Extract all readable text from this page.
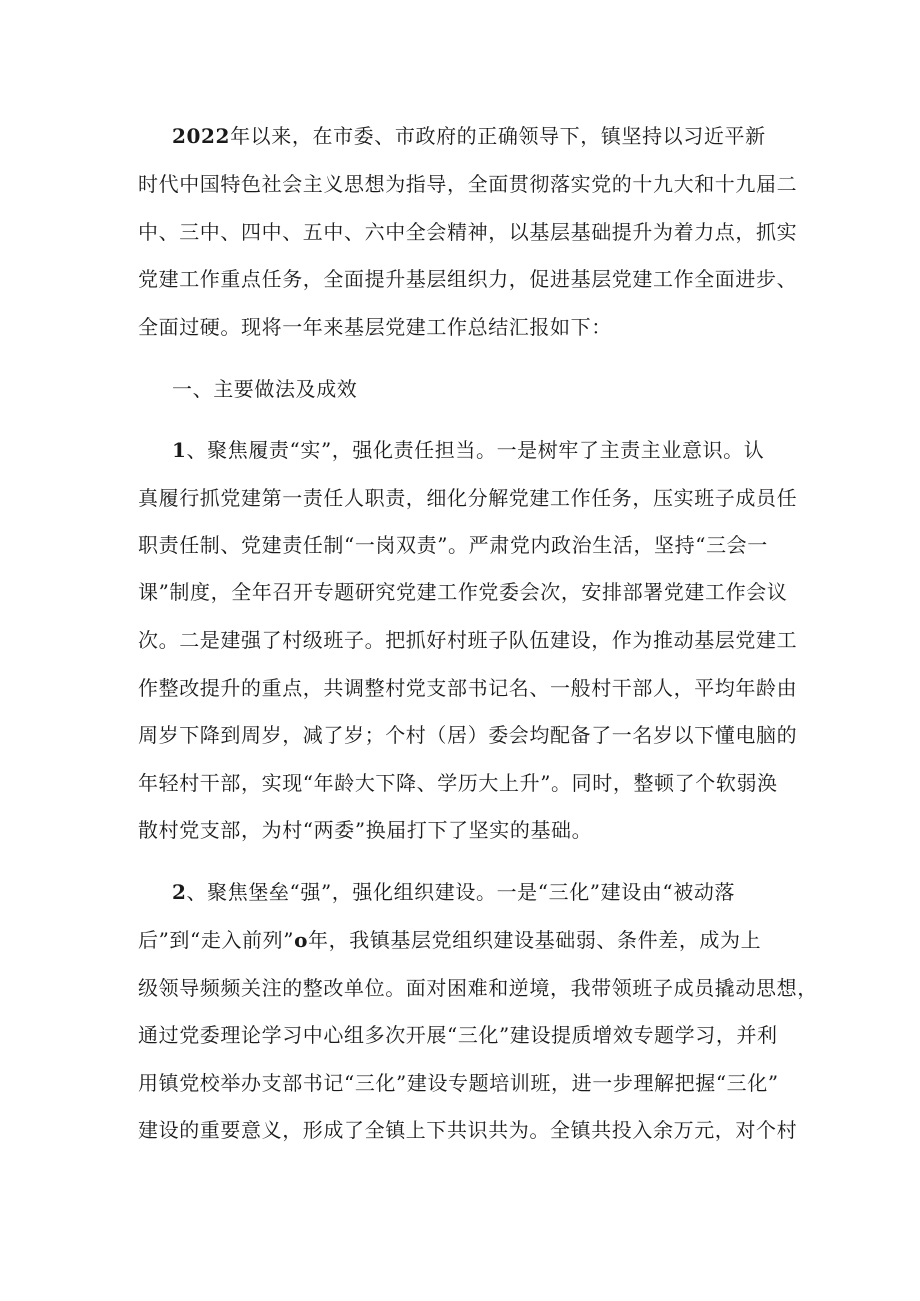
2022年以来，在市委、市政府的正确领导下，镇坚持以习近平新
时代中国特色社会主义思想为指导，全面贯彻落实党的十九大和十九届二
中、三中、四中、五中、六中全会精神，以基层基础提升为着力点，抓实
党建工作重点任务，全面提升基层组织力，促进基层党建工作全面进步、
全面过硬。现将一年来基层党建工作总结汇报如下：
一、主要做法及成效
1、聚焦履责“实”，强化责任担当。一是树牢了主责主业意识。认
真履行抓党建第一责任人职责，细化分解党建工作任务，压实班子成员任
职责任制、党建责任制“一岗双责”。严肃党内政治生活，坚持“三会一
课”制度，全年召开专题研究党建工作党委会次，安排部署党建工作会议
次。二是建强了村级班子。把抓好村班子队伍建设，作为推动基层党建工
作整改提升的重点，共调整村党支部书记名、一般村干部人，平均年龄由
周岁下降到周岁，减了岁；个村（居）委会均配备了一名岁以下懂电脑的
年轻村干部，实现“年龄大下降、学历大上升”。同时，整顿了个软弱涣
散村党支部，为村“两委”换届打下了坚实的基础。
2、聚焦堡垒“强”，强化组织建设。一是“三化”建设由“被动落
后”到“走入前列”o年，我镇基层党组织建设基础弱、条件差，成为上
级领导频频关注的整改单位。面对困难和逆境，我带领班子成员撬动思想，
通过党委理论学习中心组多次开展“三化”建设提质增效专题学习，并利
用镇党校举办支部书记“三化”建设专题培训班，进一步理解把握“三化”
建设的重要意义，形成了全镇上下共识共为。全镇共投入余万元，对个村
